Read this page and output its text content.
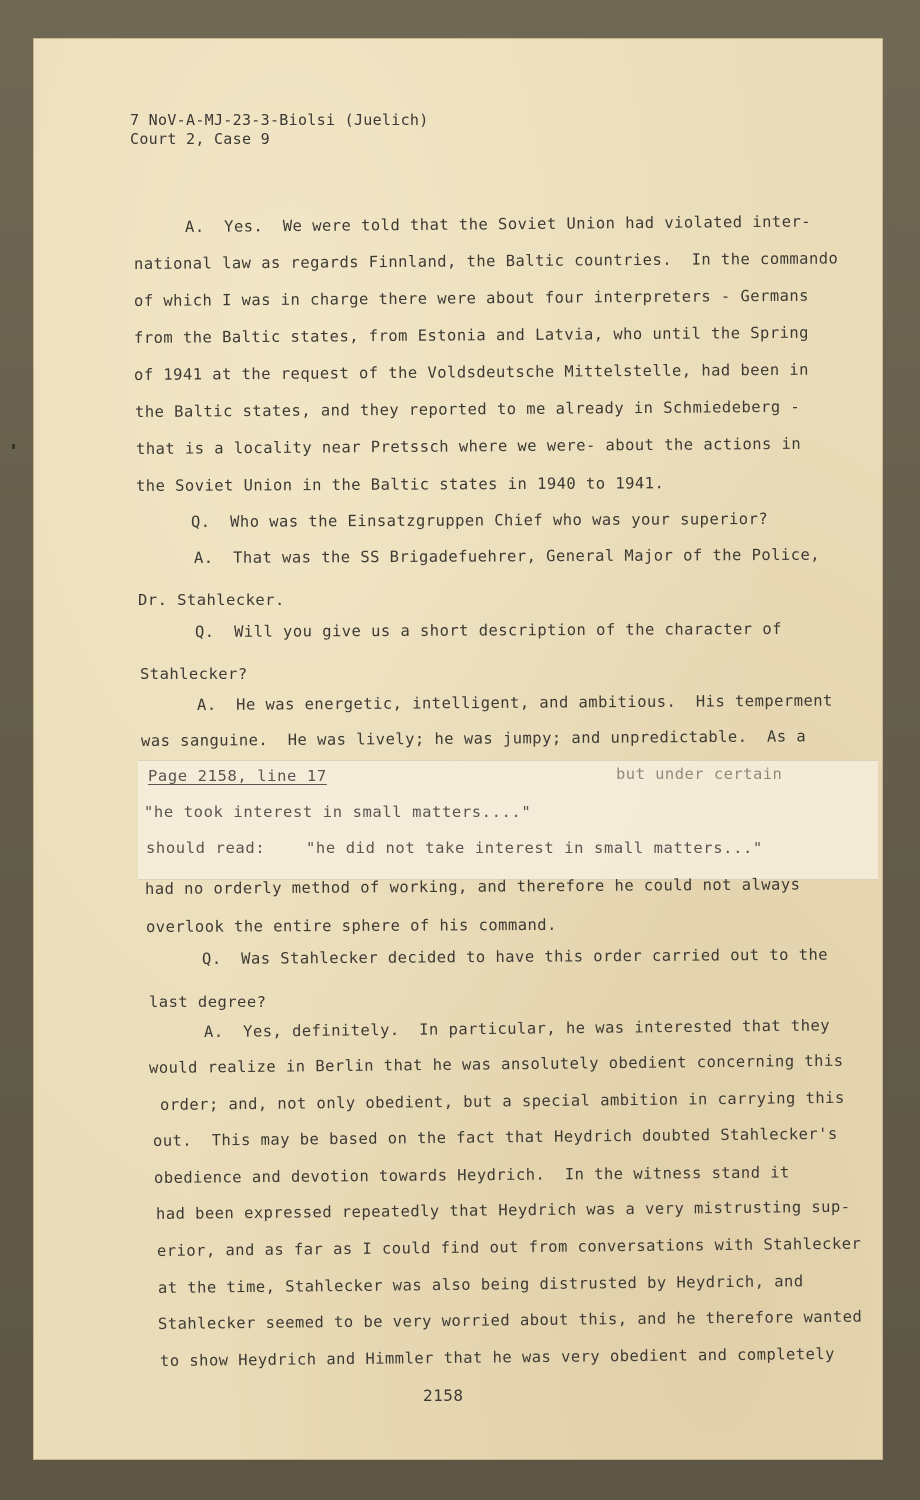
7 NoV-A-MJ-23-3-Biolsi (Juelich)
Court 2, Case 9
A.  Yes.  We were told that the Soviet Union had violated inter-
national law as regards Finnland, the Baltic countries.  In the commando
of which I was in charge there were about four interpreters - Germans
from the Baltic states, from Estonia and Latvia, who until the Spring
of 1941 at the request of the Voldsdeutsche Mittelstelle, had been in
the Baltic states, and they reported to me already in Schmiedeberg -
that is a locality near Pretssch where we were- about the actions in
the Soviet Union in the Baltic states in 1940 to 1941.
Q.  Who was the Einsatzgruppen Chief who was your superior?
A.  That was the SS Brigadefuehrer, General Major of the Police,
Dr. Stahlecker.
Q.  Will you give us a short description of the character of
Stahlecker?
A.  He was energetic, intelligent, and ambitious.  His temperment
was sanguine.  He was lively; he was jumpy; and unpredictable.  As a
Page 2158, line 17	but under certain
"he took interest in small matters...."
should read:	"he did not take interest in small matters..."
had no orderly method of working, and therefore he could not always
overlook the entire sphere of his command.
Q.  Was Stahlecker decided to have this order carried out to the
last degree?
A.  Yes, definitely.  In particular, he was interested that they
would realize in Berlin that he was ansolutely obedient concerning this
order; and, not only obedient, but a special ambition in carrying this
out.  This may be based on the fact that Heydrich doubted Stahlecker's
obedience and devotion towards Heydrich.  In the witness stand it
had been expressed repeatedly that Heydrich was a very mistrusting sup-
erior, and as far as I could find out from conversations with Stahlecker
at the time, Stahlecker was also being distrusted by Heydrich, and
Stahlecker seemed to be very worried about this, and he therefore wanted
to show Heydrich and Himmler that he was very obedient and completely
2158
